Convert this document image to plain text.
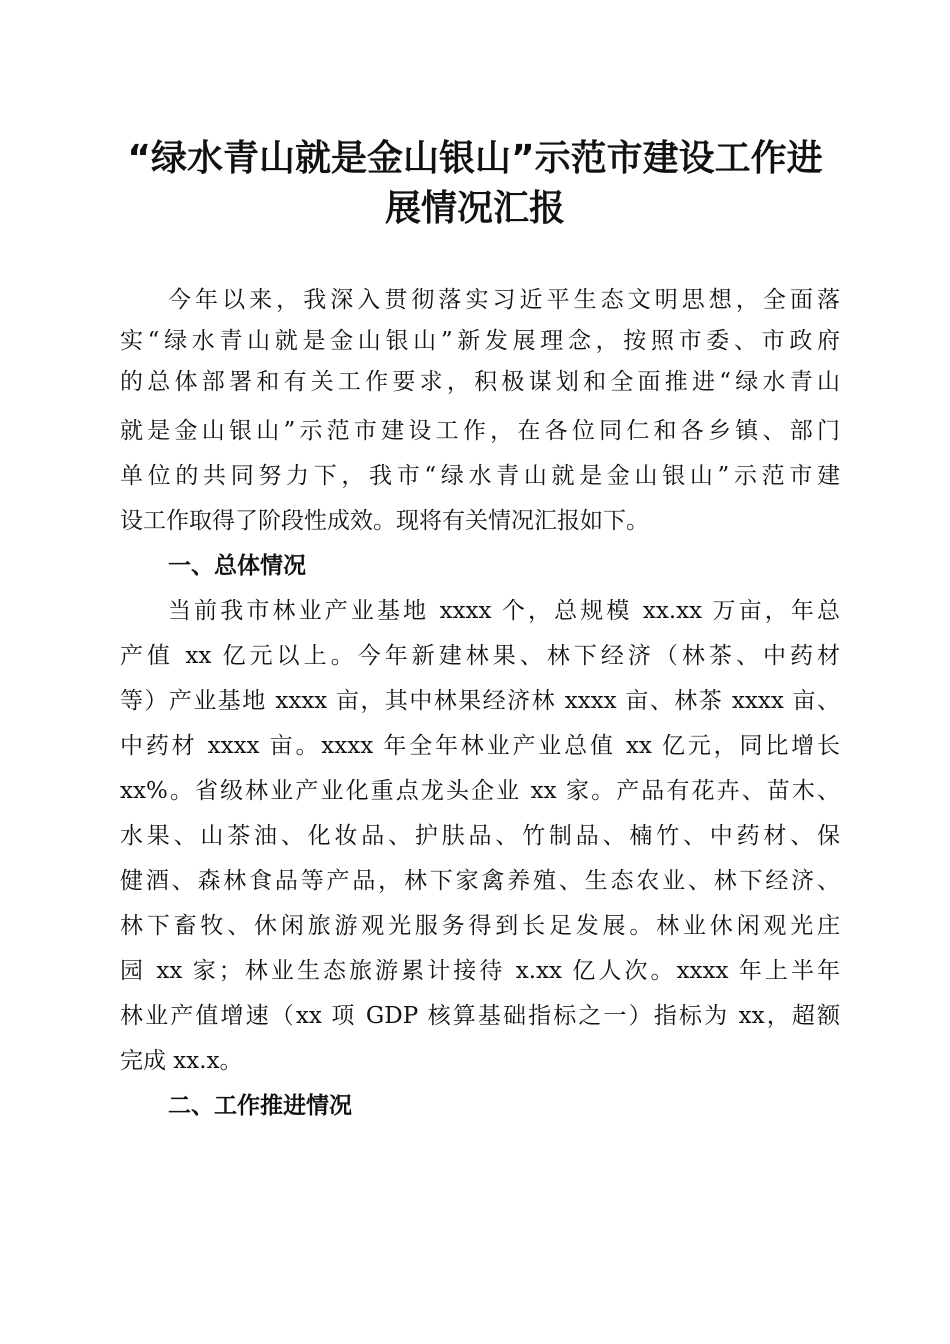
“绿水青山就是金山银山”示范市建设工作进
展情况汇报
今年以来，我深入贯彻落实习近平生态文明思想，全面落
实“绿水青山就是金山银山”新发展理念，按照市委、市政府
的总体部署和有关工作要求，积极谋划和全面推进“绿水青山
就是金山银山”示范市建设工作，在各位同仁和各乡镇、部门
单位的共同努力下，我市“绿水青山就是金山银山”示范市建
设工作取得了阶段性成效。现将有关情况汇报如下。
一、总体情况
当前我市林业产业基地 xxxx 个，总规模 xx.xx 万亩，年总
产值 xx 亿元以上。今年新建林果、林下经济（林茶、中药材
等）产业基地 xxxx 亩，其中林果经济林 xxxx 亩、林茶 xxxx 亩、
中药材 xxxx 亩。xxxx 年全年林业产业总值 xx 亿元，同比增长
xx%。省级林业产业化重点龙头企业 xx 家。产品有花卉、苗木、
水果、山茶油、化妆品、护肤品、竹制品、楠竹、中药材、保
健酒、森林食品等产品，林下家禽养殖、生态农业、林下经济、
林下畜牧、休闲旅游观光服务得到长足发展。林业休闲观光庄
园 xx 家；林业生态旅游累计接待 x.xx 亿人次。xxxx 年上半年
林业产值增速（xx 项 GDP 核算基础指标之一）指标为 xx，超额
完成 xx.x。
二、工作推进情况
